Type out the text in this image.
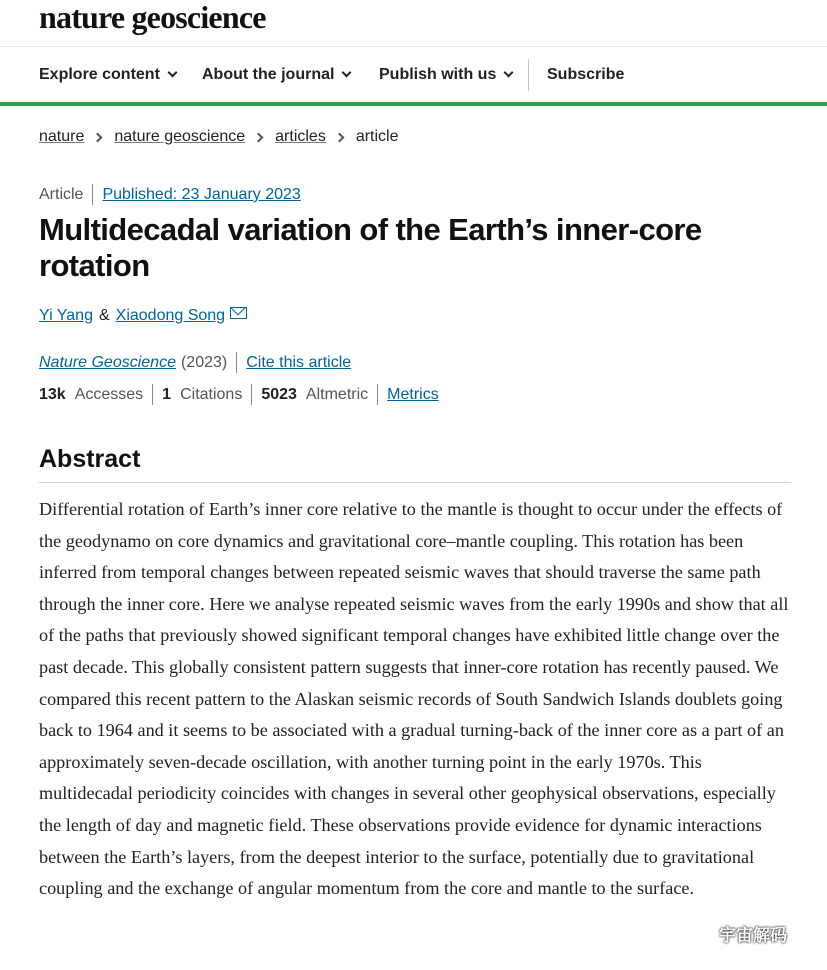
nature geoscience
Explore content	About the journal	Publish with us	Subscribe
nature nature geoscience articles article
Article Published: 23 January 2023
Multidecadal variation of the Earth’s inner-core rotation
Yi Yang & Xiaodong Song
Nature Geoscience (2023) Cite this article
13k Accesses 1 Citations 5023 Altmetric Metrics
Abstract

Differential rotation of Earth’s inner core relative to the mantle is thought to occur under the effects of the geodynamo on core dynamics and gravitational core–mantle coupling. This rotation has been inferred from temporal changes between repeated seismic waves that should traverse the same path through the inner core. Here we analyse repeated seismic waves from the early 1990s and show that all of the paths that previously showed significant temporal changes have exhibited little change over the past decade. This globally consistent pattern suggests that inner-core rotation has recently paused. We compared this recent pattern to the Alaskan seismic records of South Sandwich Islands doublets going back to 1964 and it seems to be associated with a gradual turning-back of the inner core as a part of an approximately seven-decade oscillation, with another turning point in the early 1970s. This multidecadal periodicity coincides with changes in several other geophysical observations, especially the length of day and magnetic field. These observations provide evidence for dynamic interactions between the Earth’s layers, from the deepest interior to the surface, potentially due to gravitational coupling and the exchange of angular momentum from the core and mantle to the surface.

宇宙解码
